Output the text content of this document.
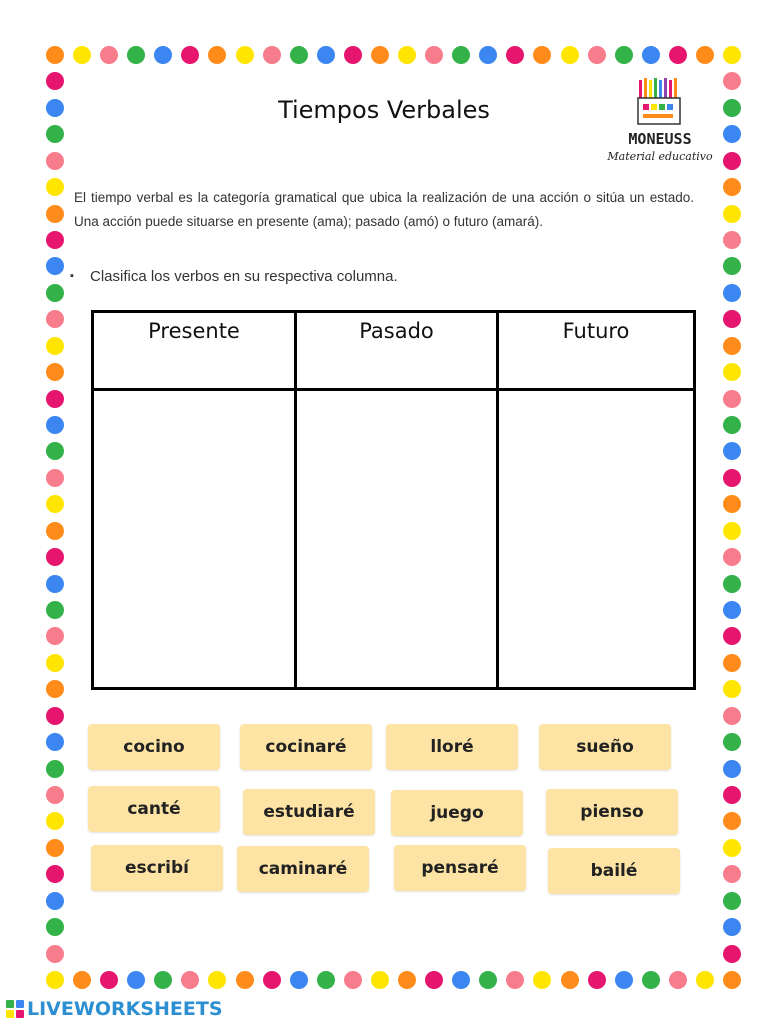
Tiempos Verbales
MONEUSS
Material educativo
El tiempo verbal es la categoría gramatical que ubica la realización de una acción o sitúa un estado. Una acción puede situarse en presente (ama); pasado (amó) o futuro (amará).
▪ Clasifica los verbos en su respectiva columna.
Presente	Pasado	Futuro
cocino	cocinaré	lloré	sueño
canté	estudiaré	juego	pienso
escribí	caminaré	pensaré	bailé
LIVEWORKSHEETS
